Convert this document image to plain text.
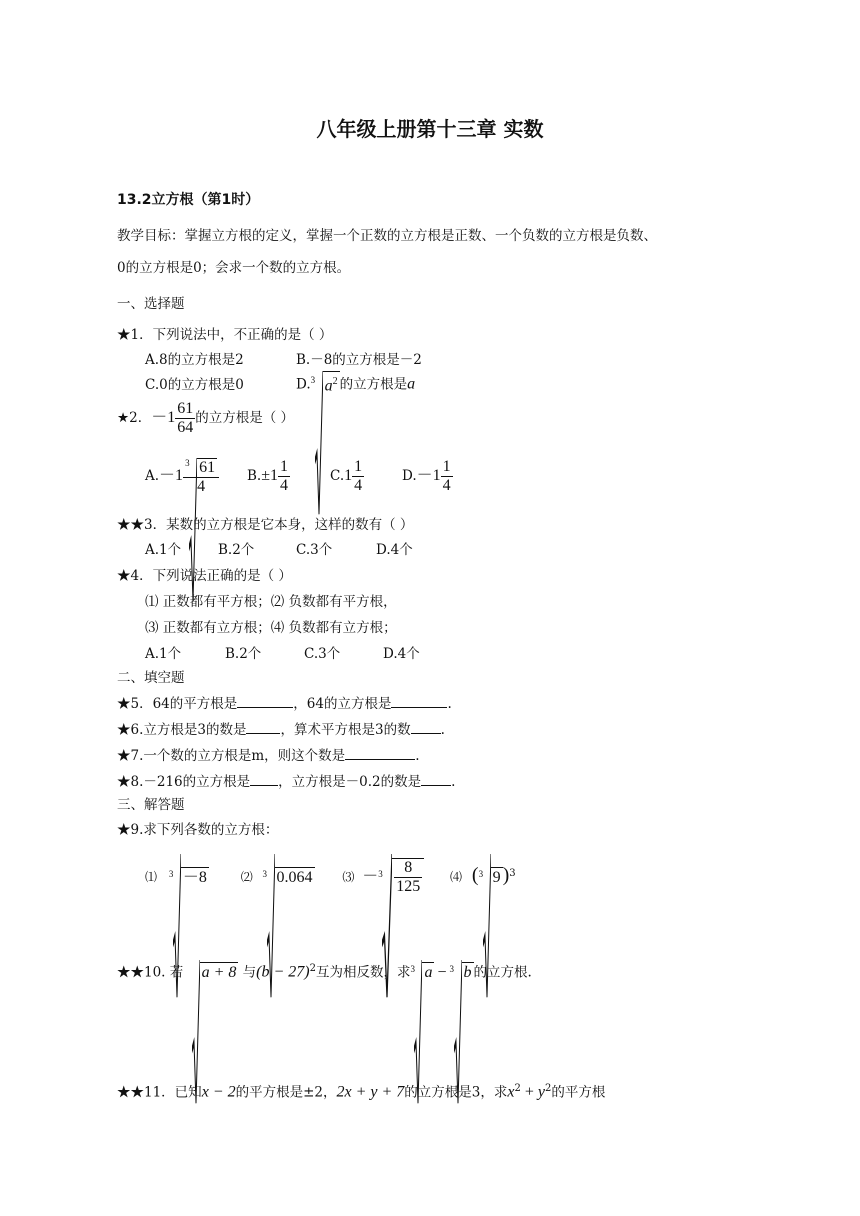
八年级上册第十三章 实数
13.2立方根（第1时）
教学目标：掌握立方根的定义，掌握一个正数的立方根是正数、一个负数的立方根是负数、
0的立方根是0；会求一个数的立方根。
一、选择题
★1．下列说法中，不正确的是（ ）
A.8的立方根是2	B.－8的立方根是－2
C.0的立方根是0	D. 3 $a^2$ 的立方根是a
★2．$-1 \frac{61}{64}$ 的立方根是（ ）
$A.-1 \frac{3 61}{4} B.\pm 1 \frac{1}{4}$	$C.1 \frac{1}{4}$	$D.-1 \frac{1}{4}$
★★3．某数的立方根是它本身，这样的数有（ ）
A.1个	B.2个	C.3个	D.4个
★4．下列说法正确的是（ ）
⑴ 正数都有平方根；⑵ 负数都有平方根，
⑶ 正数都有立方根；⑷ 负数都有立方根；
A.1个	B.2个	C.3个	D.4个
二、填空题
★5．64的平方根是	，64的立方根是	.
★6.立方根是3的数是	，算术平方根是3的数 .
★7.一个数的立方根是m，则这个数是	.
★8.－216的立方根是 ，立方根是－0.2的数是 .
三、解答题
★9.求下列各数的立方根：
⑴ 3 －8	⑵ 3 0.064 ⑶ － $3 \frac{8}{125}$ ⑷ ( 3 9 )$^3$
★★10. 若 a + 8 与$(b - 27)^2$互为相反数，求 3 a − 3 b 的立方根.
★★11．已知x − 2的平方根是±2，2x + y + 7的立方根是3，求$x^2 + y^2$的平方根
